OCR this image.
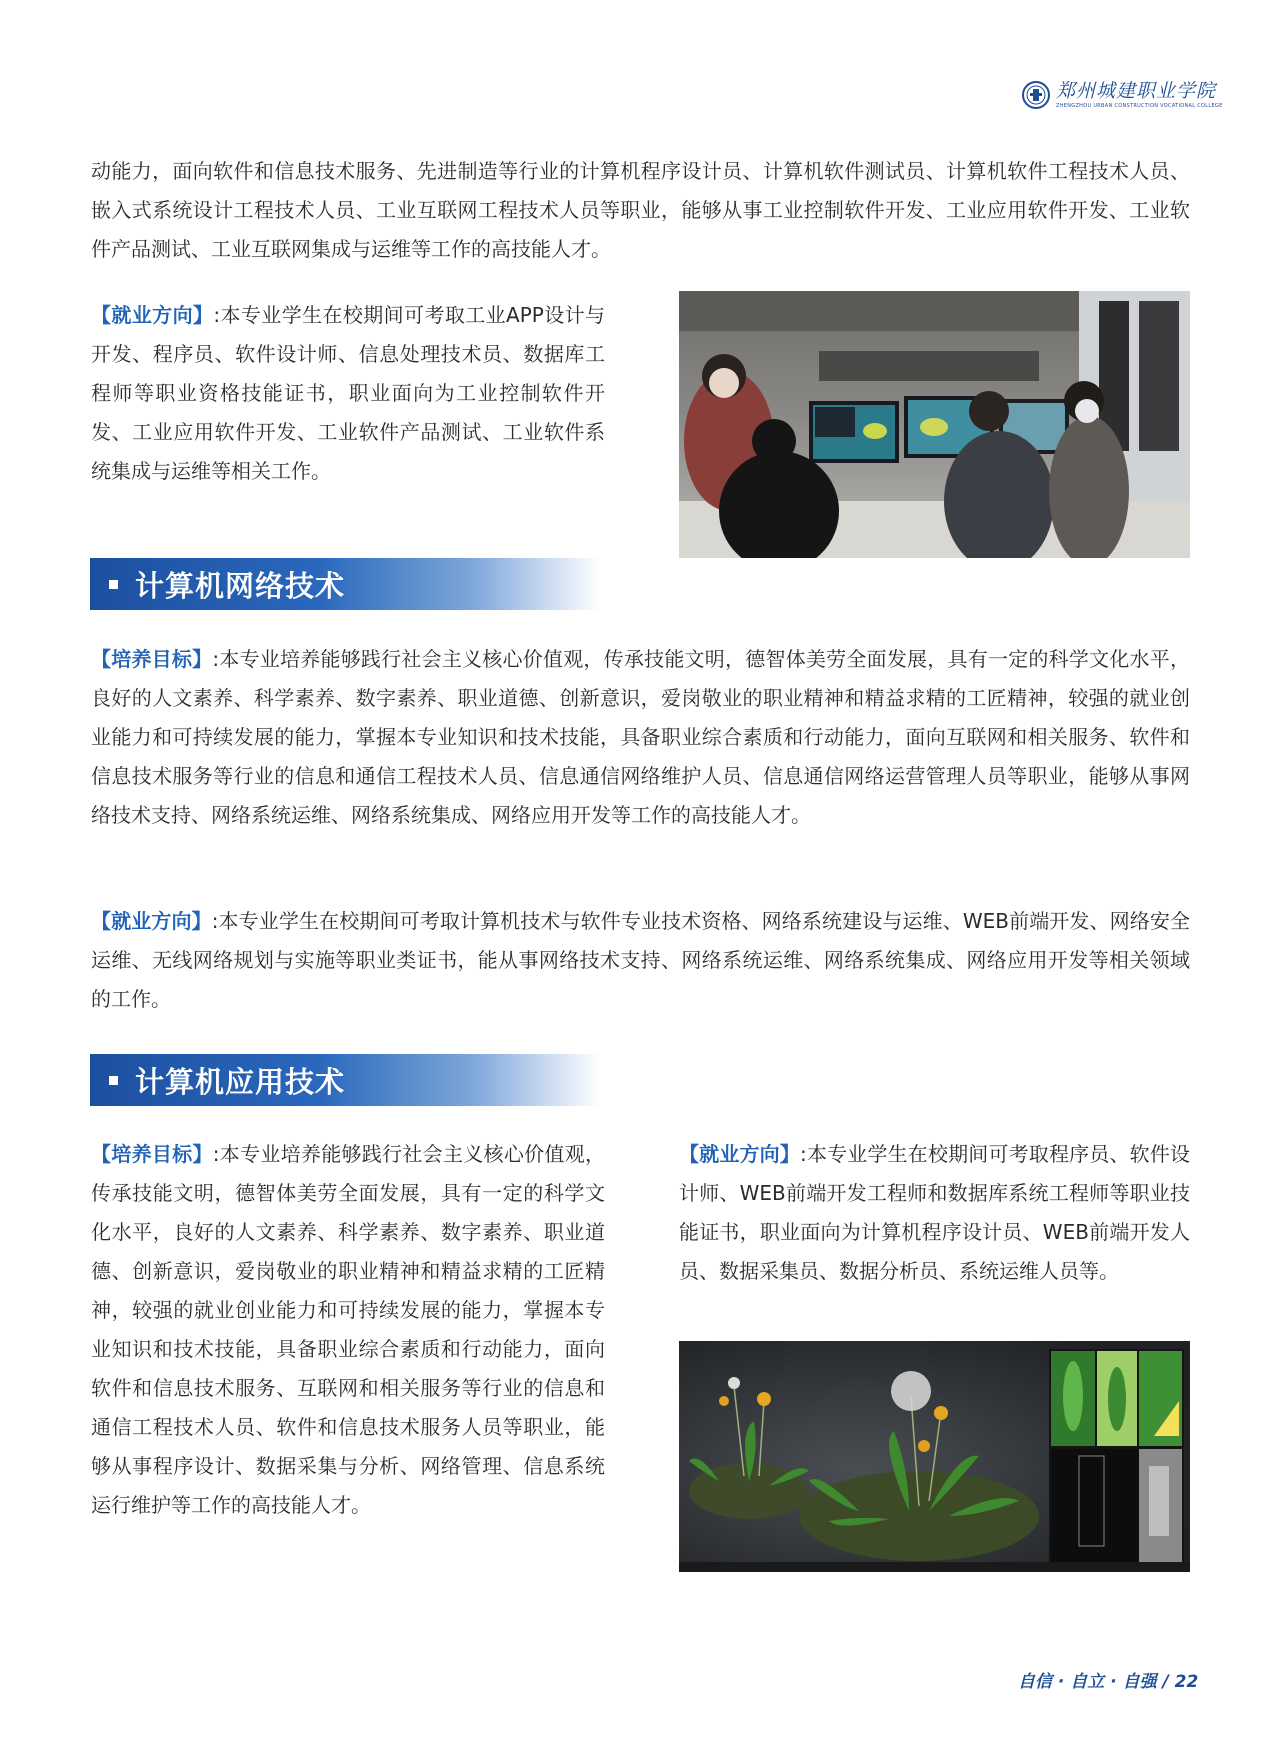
郑州城建职业学院
ZHENGZHOU URBAN CONSTRUCTION VOCATIONAL COLLEGE

动能力，面向软件和信息技术服务、先进制造等行业的计算机程序设计员、计算机软件测试员、计算机软件工程技术人员、嵌入式系统设计工程技术人员、工业互联网工程技术人员等职业，能够从事工业控制软件开发、工业应用软件开发、工业软件产品测试、工业互联网集成与运维等工作的高技能人才。

【就业方向】:本专业学生在校期间可考取工业APP设计与开发、程序员、软件设计师、信息处理技术员、数据库工程师等职业资格技能证书，职业面向为工业控制软件开发、工业应用软件开发、工业软件产品测试、工业软件系统集成与运维等相关工作。

计算机网络技术

【培养目标】:本专业培养能够践行社会主义核心价值观，传承技能文明，德智体美劳全面发展，具有一定的科学文化水平，良好的人文素养、科学素养、数字素养、职业道德、创新意识，爱岗敬业的职业精神和精益求精的工匠精神，较强的就业创业能力和可持续发展的能力，掌握本专业知识和技术技能，具备职业综合素质和行动能力，面向互联网和相关服务、软件和信息技术服务等行业的信息和通信工程技术人员、信息通信网络维护人员、信息通信网络运营管理人员等职业，能够从事网络技术支持、网络系统运维、网络系统集成、网络应用开发等工作的高技能人才。

【就业方向】:本专业学生在校期间可考取计算机技术与软件专业技术资格、网络系统建设与运维、WEB前端开发、网络安全运维、无线网络规划与实施等职业类证书，能从事网络技术支持、网络系统运维、网络系统集成、网络应用开发等相关领域的工作。

计算机应用技术

【培养目标】:本专业培养能够践行社会主义核心价值观，传承技能文明，德智体美劳全面发展，具有一定的科学文化水平，良好的人文素养、科学素养、数字素养、职业道德、创新意识，爱岗敬业的职业精神和精益求精的工匠精神，较强的就业创业能力和可持续发展的能力，掌握本专业知识和技术技能，具备职业综合素质和行动能力，面向软件和信息技术服务、互联网和相关服务等行业的信息和通信工程技术人员、软件和信息技术服务人员等职业，能够从事程序设计、数据采集与分析、网络管理、信息系统运行维护等工作的高技能人才。

【就业方向】:本专业学生在校期间可考取程序员、软件设计师、WEB前端开发工程师和数据库系统工程师等职业技能证书，职业面向为计算机程序设计员、WEB前端开发人员、数据采集员、数据分析员、系统运维人员等。

自信 · 自立 · 自强 / 22
